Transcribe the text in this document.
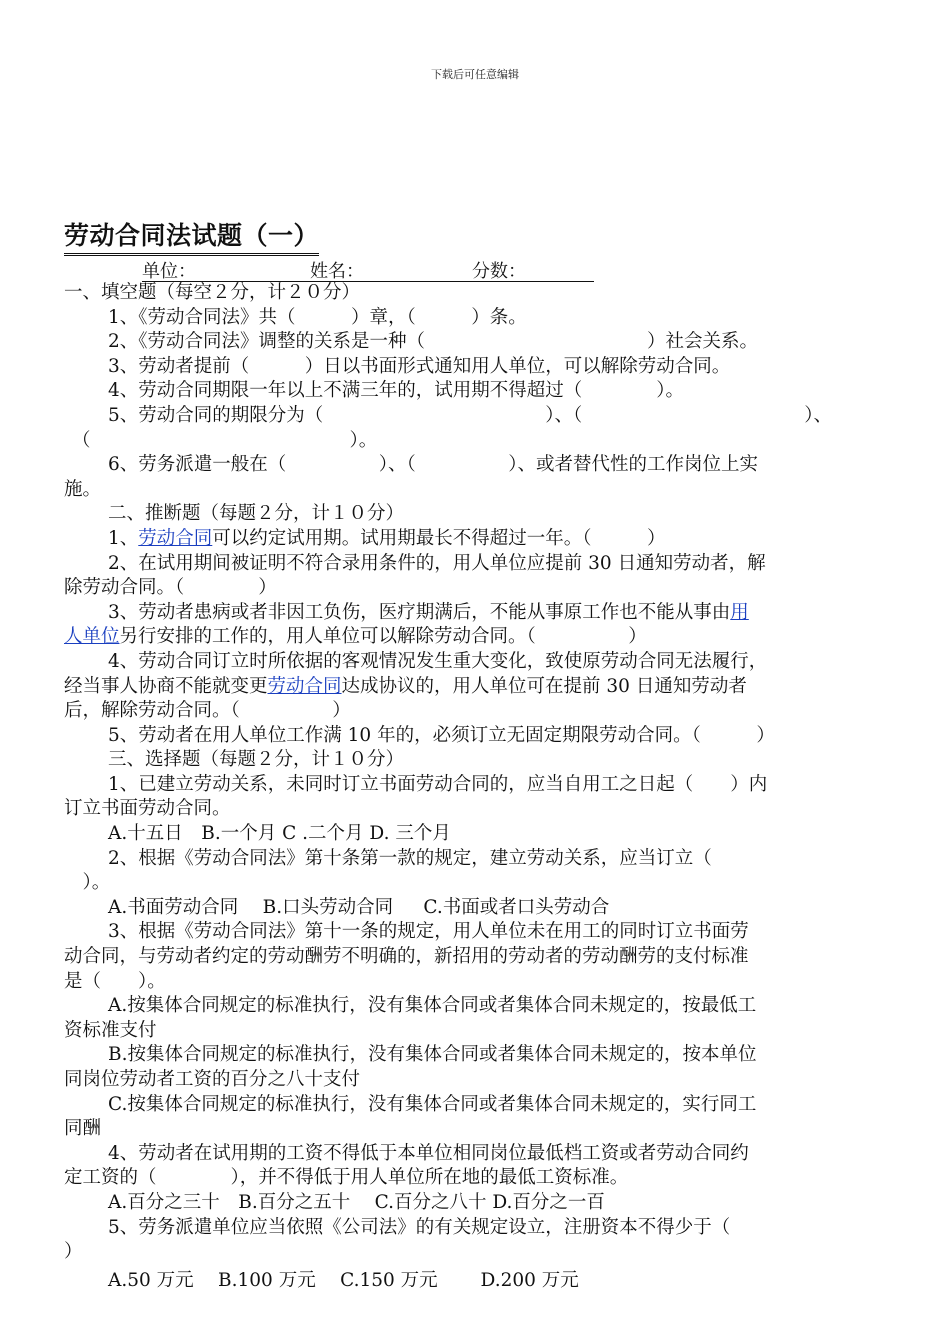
下载后可任意编辑
劳动合同法试题（一）
单位：	姓名：	分数：

一、填空题（每空２分，计２０分）

1、《劳动合同法》共（　　　）章，（　　　）条。

2、《劳动合同法》调整的关系是一种（　　　　　　　　　　　　）社会关系。

3、劳动者提前（　　　）日以书面形式通知用人单位，可以解除劳动合同。

4、劳动合同期限一年以上不满三年的，试用期不得超过（　　　　）。

5、劳动合同的期限分为（　　　　　　　　　　　　）、（　　　　　　　　　　　　）、

（　　　　　　　　　　　　　　）。

6、劳务派遣一般在（　　　　　）、（　　　　　）、或者替代性的工作岗位上实

施。

二、推断题（每题２分，计１０分）

1、劳动合同可以约定试用期。试用期最长不得超过一年。（　　　）

2、在试用期间被证明不符合录用条件的，用人单位应提前 30 日通知劳动者，解

除劳动合同。（　　　　）

3、劳动者患病或者非因工负伤，医疗期满后，不能从事原工作也不能从事由用

人单位另行安排的工作的，用人单位可以解除劳动合同。（　　　　　）

4、劳动合同订立时所依据的客观情况发生重大变化，致使原劳动合同无法履行，

经当事人协商不能就变更劳动合同达成协议的，用人单位可在提前 30 日通知劳动者

后，解除劳动合同。（　　　　　）

5、劳动者在用人单位工作满 10 年的，必须订立无固定期限劳动合同。（　　　）

三、选择题（每题２分，计１０分）

1、已建立劳动关系，未同时订立书面劳动合同的，应当自用工之日起（　　）内

订立书面劳动合同。

A.十五日　B.一个月 C .二个月 D. 三个月

2、根据《劳动合同法》第十条第一款的规定，建立劳动关系，应当订立（

　）。

A.书面劳动合同　 B.口头劳动合同 　 C.书面或者口头劳动合

3、根据《劳动合同法》第十一条的规定，用人单位未在用工的同时订立书面劳

动合同，与劳动者约定的劳动酬劳不明确的，新招用的劳动者的劳动酬劳的支付标准

是（　　）。

A.按集体合同规定的标准执行，没有集体合同或者集体合同未规定的，按最低工

资标准支付

B.按集体合同规定的标准执行，没有集体合同或者集体合同未规定的，按本单位

同岗位劳动者工资的百分之八十支付

C.按集体合同规定的标准执行，没有集体合同或者集体合同未规定的，实行同工

同酬

4、劳动者在试用期的工资不得低于本单位相同岗位最低档工资或者劳动合同约

定工资的（　　　　），并不得低于用人单位所在地的最低工资标准。

A.百分之三十　B.百分之五十　 C.百分之八十 D.百分之一百

5、劳务派遣单位应当依照《公司法》的有关规定设立，注册资本不得少于（

）

A.50 万元　 B.100 万元　 C.150 万元　 　D.200 万元
